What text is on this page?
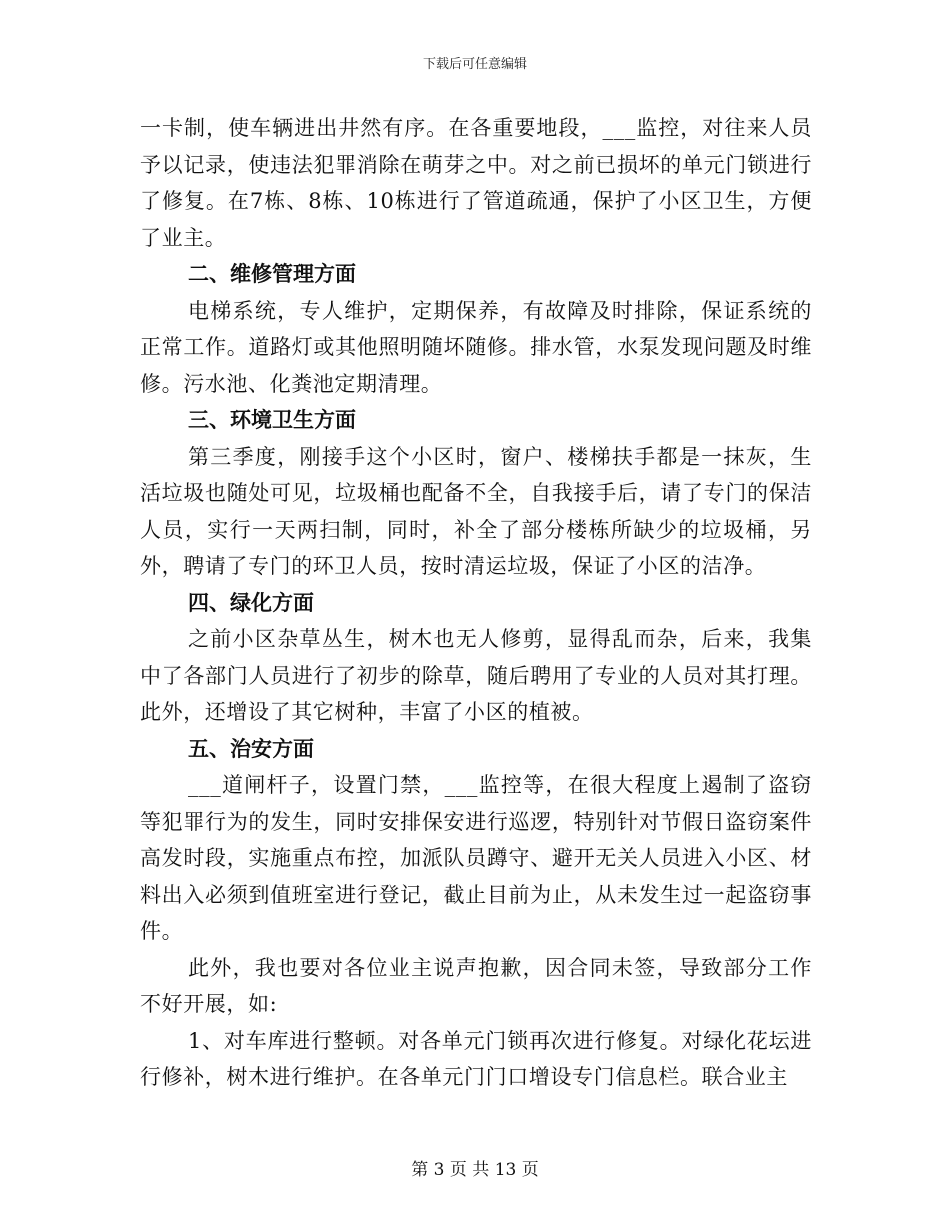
下载后可任意编辑

一卡制，使车辆进出井然有序。在各重要地段，___监控，对往来人员予以记录，使违法犯罪消除在萌芽之中。对之前已损坏的单元门锁进行了修复。在7栋、8栋、10栋进行了管道疏通，保护了小区卫生，方便了业主。

二、维修管理方面

电梯系统，专人维护，定期保养，有故障及时排除，保证系统的正常工作。道路灯或其他照明随坏随修。排水管，水泵发现问题及时维修。污水池、化粪池定期清理。

三、环境卫生方面

第三季度，刚接手这个小区时，窗户、楼梯扶手都是一抹灰，生活垃圾也随处可见，垃圾桶也配备不全，自我接手后，请了专门的保洁人员，实行一天两扫制，同时，补全了部分楼栋所缺少的垃圾桶，另外，聘请了专门的环卫人员，按时清运垃圾，保证了小区的洁净。

四、绿化方面

之前小区杂草丛生，树木也无人修剪，显得乱而杂，后来，我集中了各部门人员进行了初步的除草，随后聘用了专业的人员对其打理。此外，还增设了其它树种，丰富了小区的植被。

五、治安方面

___道闸杆子，设置门禁，___监控等，在很大程度上遏制了盗窃等犯罪行为的发生，同时安排保安进行巡逻，特别针对节假日盗窃案件高发时段，实施重点布控，加派队员蹲守、避开无关人员进入小区、材料出入必须到值班室进行登记，截止目前为止，从未发生过一起盗窃事件。

此外，我也要对各位业主说声抱歉，因合同未签，导致部分工作不好开展，如:

1、对车库进行整顿。对各单元门锁再次进行修复。对绿化花坛进行修补，树木进行维护。在各单元门门口增设专门信息栏。联合业主

第 3 页 共 13 页
